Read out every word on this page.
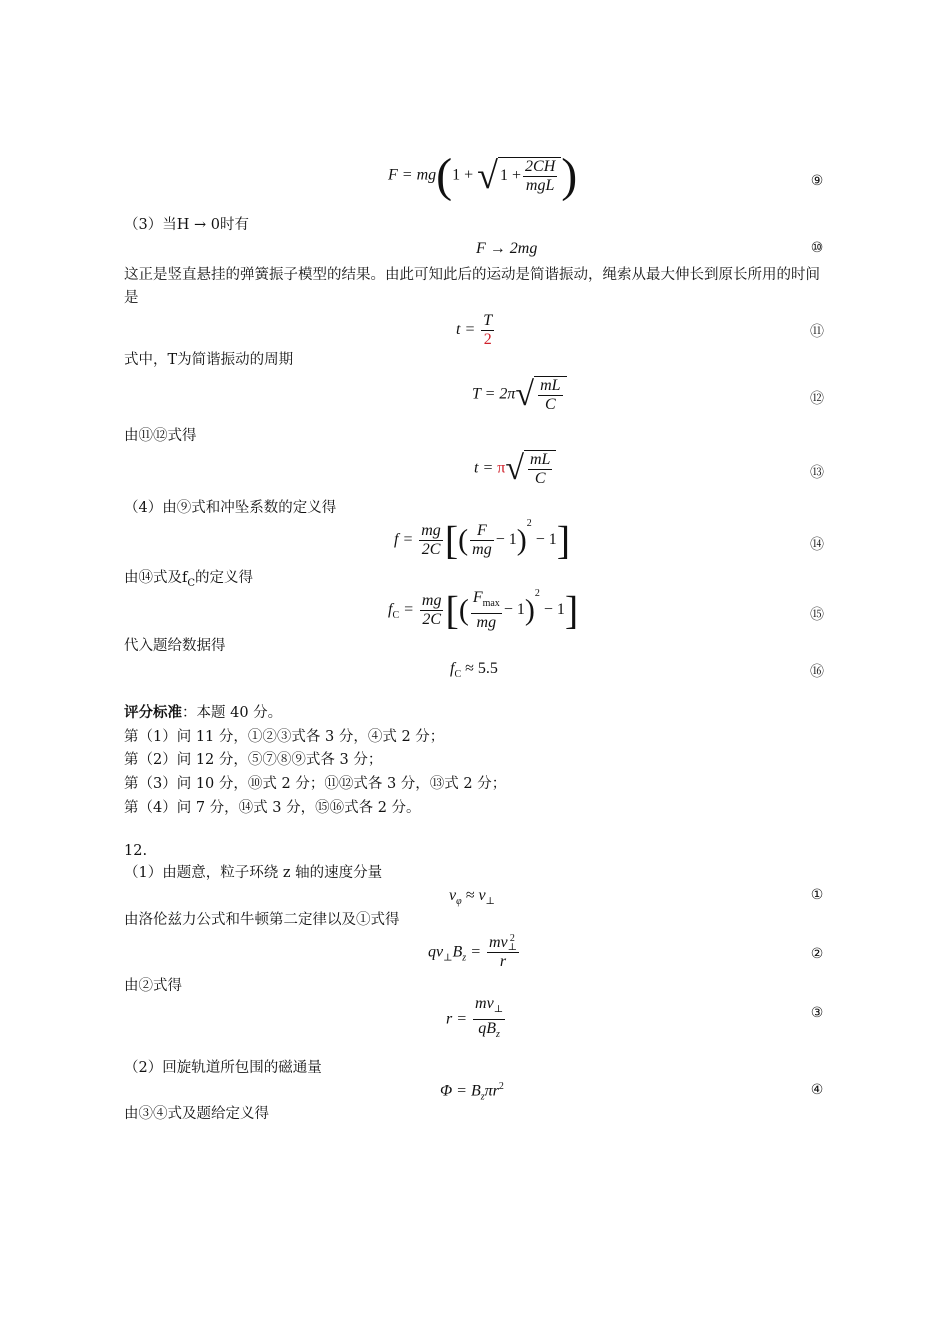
F = mg(1 + √ $1 + \frac{2CH}{\text{mgL}}$ )	⑨
（3）当H → 0时有
F → 2mg	⑩
这正是竖直悬挂的弹簧振子模型的结果。由此可知此后的运动是简谐振动，绳索从最大伸长到原长所用的时间是
$t = \frac{T}{2}$	⑪
式中，T为简谐振动的周期
$T = 2\pi√ \frac{mL}{C}$	⑫
由⑪⑫式得
$t = \pi√ \frac{mL}{C}$	⑬
（4）由⑨式和冲坠系数的定义得
$f = \frac{mg}{2C}$ [( $\frac{F}{mg} - 1)^2 - 1$]	⑭
由⑭式及$f_C$的定义得
$f_C = \frac{mg}{2C}$ [( $\frac{F_{max}}{mg} - 1)^2 - 1$]	⑮
代入题给数据得
$f_C \approx 5.5$	⑯
评分标准：本题 40 分。
第（1）问 11 分，①②③式各 3 分，④式 2 分；
第（2）问 12 分，⑤⑦⑧⑨式各 3 分；
第（3）问 10 分，⑩式 2 分；⑪⑫式各 3 分，⑬式 2 分；
第（4）问 7 分，⑭式 3 分，⑮⑯式各 2 分。
12.
（1）由题意，粒子环绕 z 轴的速度分量
$v_\varphi \approx v_\perp$	①
由洛伦兹力公式和牛顿第二定律以及①式得
$qv_\perp B_z$ = mv 2
⊥
r	②
由②式得
$r = \frac{mv_\perp}{qB_z}$	③
（2）回旋轨道所包围的磁通量
$\Phi = B_z\pi r^2$	④
由③④式及题给定义得
